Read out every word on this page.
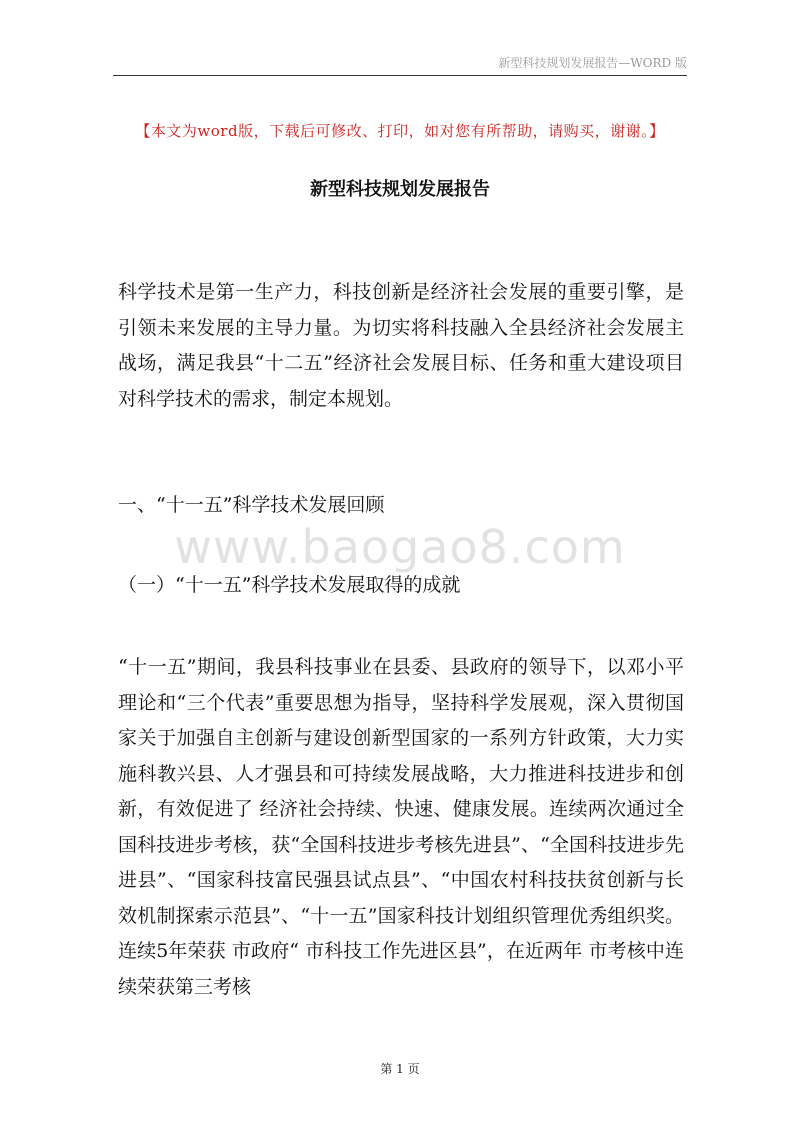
新型科技规划发展报告—WORD 版
【本文为word版，下载后可修改、打印，如对您有所帮助，请购买，谢谢。】
新型科技规划发展报告
www.baogao8.com
科学技术是第一生产力，科技创新是经济社会发展的重要引擎，是引领未来发展的主导力量。为切实将科技融入全县经济社会发展主战场，满足我县“十二五”经济社会发展目标、任务和重大建设项目对科学技术的需求，制定本规划。
一、“十一五”科学技术发展回顾
（一）“十一五”科学技术发展取得的成就
“十一五”期间，我县科技事业在县委、县政府的领导下，以邓小平理论和“三个代表”重要思想为指导，坚持科学发展观，深入贯彻国家关于加强自主创新与建设创新型国家的一系列方针政策，大力实施科教兴县、人才强县和可持续发展战略，大力推进科技进步和创新，有效促进了 经济社会持续、快速、健康发展。连续两次通过全国科技进步考核，获“全国科技进步考核先进县”、“全国科技进步先进县”、“国家科技富民强县试点县”、“中国农村科技扶贫创新与长效机制探索示范县”、“十一五”国家科技计划组织管理优秀组织奖。连续5年荣获 市政府“ 市科技工作先进区县”，在近两年 市考核中连续荣获第三考核
第 1 页
